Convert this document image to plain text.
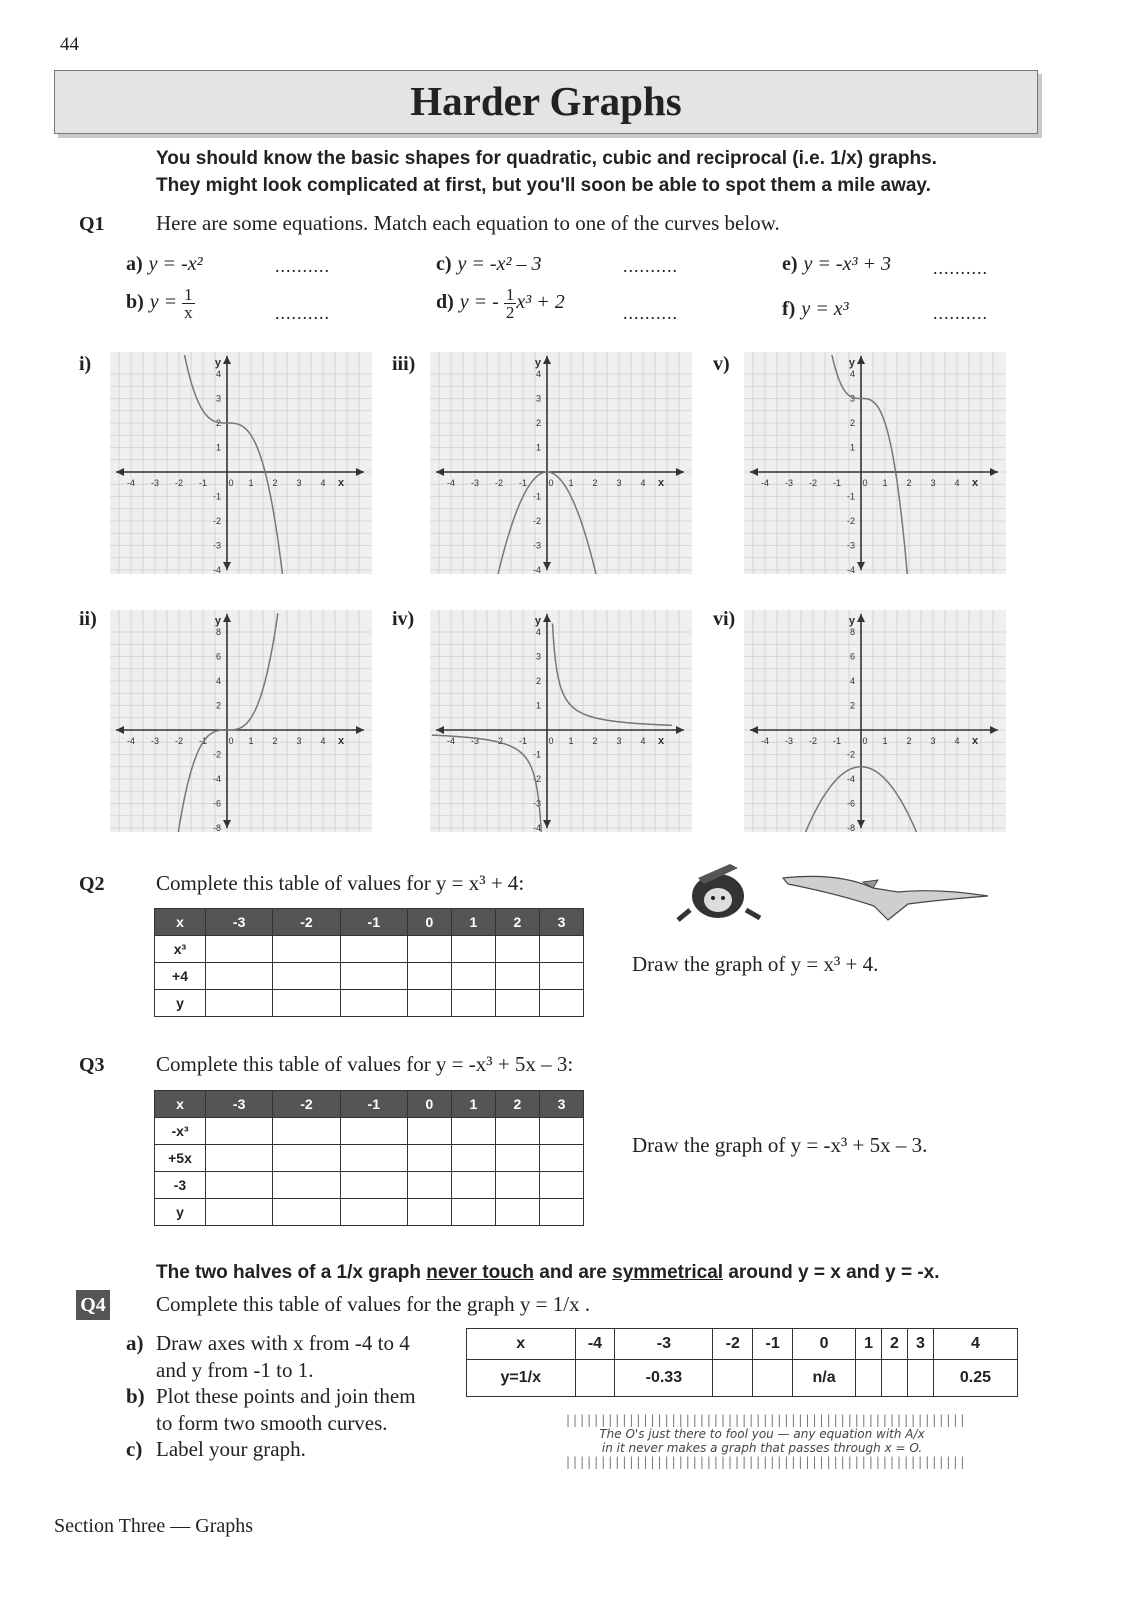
44
Harder Graphs
You should know the basic shapes for quadratic, cubic and reciprocal (i.e. 1/x) graphs.
They might look complicated at first, but you'll soon be able to spot them a mile away.
Q1 Here are some equations. Match each equation to one of the curves below.
a) y = -x²	..........
b) $y = \frac{1}{x}$	..........
c) y = -x² – 3	..........
d) y = - $\frac{1}{2} x^3 + 2$	..........
e) y = -x³ + 3 ..........
f) y = x³	..........
i)
ii)
iii)
iv)
v)
vi)
-4 -3 -2 -1 0 1 2 3 4 x
4
3
2
1
-1
-2
-3
-4
y
-4 -3 -2 -1 0 1 2 3 4 x
4
3
2
1
-1
-2
-3
-4
y
-4 -3 -2 -1 0 1 2 3 4 x
4
3
2
1
-1
-2
-3
-4
y
-4 -3 -2 -1 0 1 2 3 4 x
8
6
4
2
-2
-4
-6
-8
y
-4 -3 -2 -1 0 1 2 3 4 x
4
3
2
1
-1
-2
-3
-4
y
-4 -3 -2 -1 0 1 2 3 4 x
8
6
4
2
-2
-4
-6
-8
y
Q2 Complete this table of values for y = x³ + 4:
x	-3	-2	-1	0	1	2	3
x³							
+4							
y							
Draw the graph of y = x³ + 4.
Q3 Complete this table of values for y = -x³ + 5x – 3:
x	-3	-2	-1	0	1	2	3
-x³							
+5x							
-3							
y							
Draw the graph of y = -x³ + 5x – 3.
The two halves of a 1/x graph never touch and are symmetrical around y = x and y = -x.
Q4 Complete this table of values for the graph y = 1/x .
a) Draw axes with x from -4 to 4
and y from -1 to 1.
b) Plot these points and join them
to form two smooth curves.
c) Label your graph.
x	-4	-3	-2	-1	0	1	2	3	4
y=1/x		-0.33			n/a				0.25
|||||||||||||||||||||||||||||||||||||||||||||||||||||||||
The O's just there to fool you — any equation with A/x
in it never makes a graph that passes through x = O.
|||||||||||||||||||||||||||||||||||||||||||||||||||||||||
Section Three — Graphs
